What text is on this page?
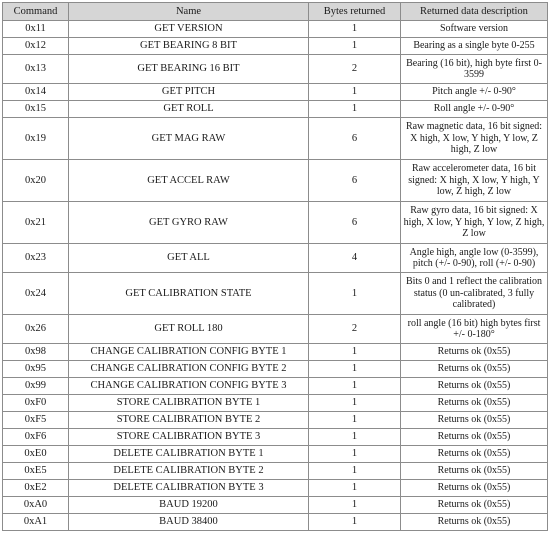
Command	Name	Bytes returned	Returned data description
0x11	GET VERSION	1	Software version
0x12	GET BEARING 8 BIT	1	Bearing as a single byte 0-255
0x13	GET BEARING 16 BIT	2	Bearing (16 bit), high byte first 0-3599
0x14	GET PITCH	1	Pitch angle +/- 0-90°
0x15	GET ROLL	1	Roll angle +/- 0-90°
0x19	GET MAG RAW	6	Raw magnetic data, 16 bit signed: X high, X low, Y high, Y low, Z high, Z low
0x20	GET ACCEL RAW	6	Raw accelerometer data, 16 bit signed: X high, X low, Y high, Y low, Z high, Z low
0x21	GET GYRO RAW	6	Raw gyro data, 16 bit signed: X high, X low, Y high, Y low, Z high, Z low
0x23	GET ALL	4	Angle high, angle low (0-3599), pitch (+/- 0-90), roll (+/- 0-90)
0x24	GET CALIBRATION STATE	1	Bits 0 and 1 reflect the calibration status (0 un-calibrated, 3 fully calibrated)
0x26	GET ROLL 180	2	roll angle (16 bit) high bytes first +/- 0-180°
0x98	CHANGE CALIBRATION CONFIG BYTE 1	1	Returns ok (0x55)
0x95	CHANGE CALIBRATION CONFIG BYTE 2	1	Returns ok (0x55)
0x99	CHANGE CALIBRATION CONFIG BYTE 3	1	Returns ok (0x55)
0xF0	STORE CALIBRATION BYTE 1	1	Returns ok (0x55)
0xF5	STORE CALIBRATION BYTE 2	1	Returns ok (0x55)
0xF6	STORE CALIBRATION BYTE 3	1	Returns ok (0x55)
0xE0	DELETE CALIBRATION BYTE 1	1	Returns ok (0x55)
0xE5	DELETE CALIBRATION BYTE 2	1	Returns ok (0x55)
0xE2	DELETE CALIBRATION BYTE 3	1	Returns ok (0x55)
0xA0	BAUD 19200	1	Returns ok (0x55)
0xA1	BAUD 38400	1	Returns ok (0x55)
